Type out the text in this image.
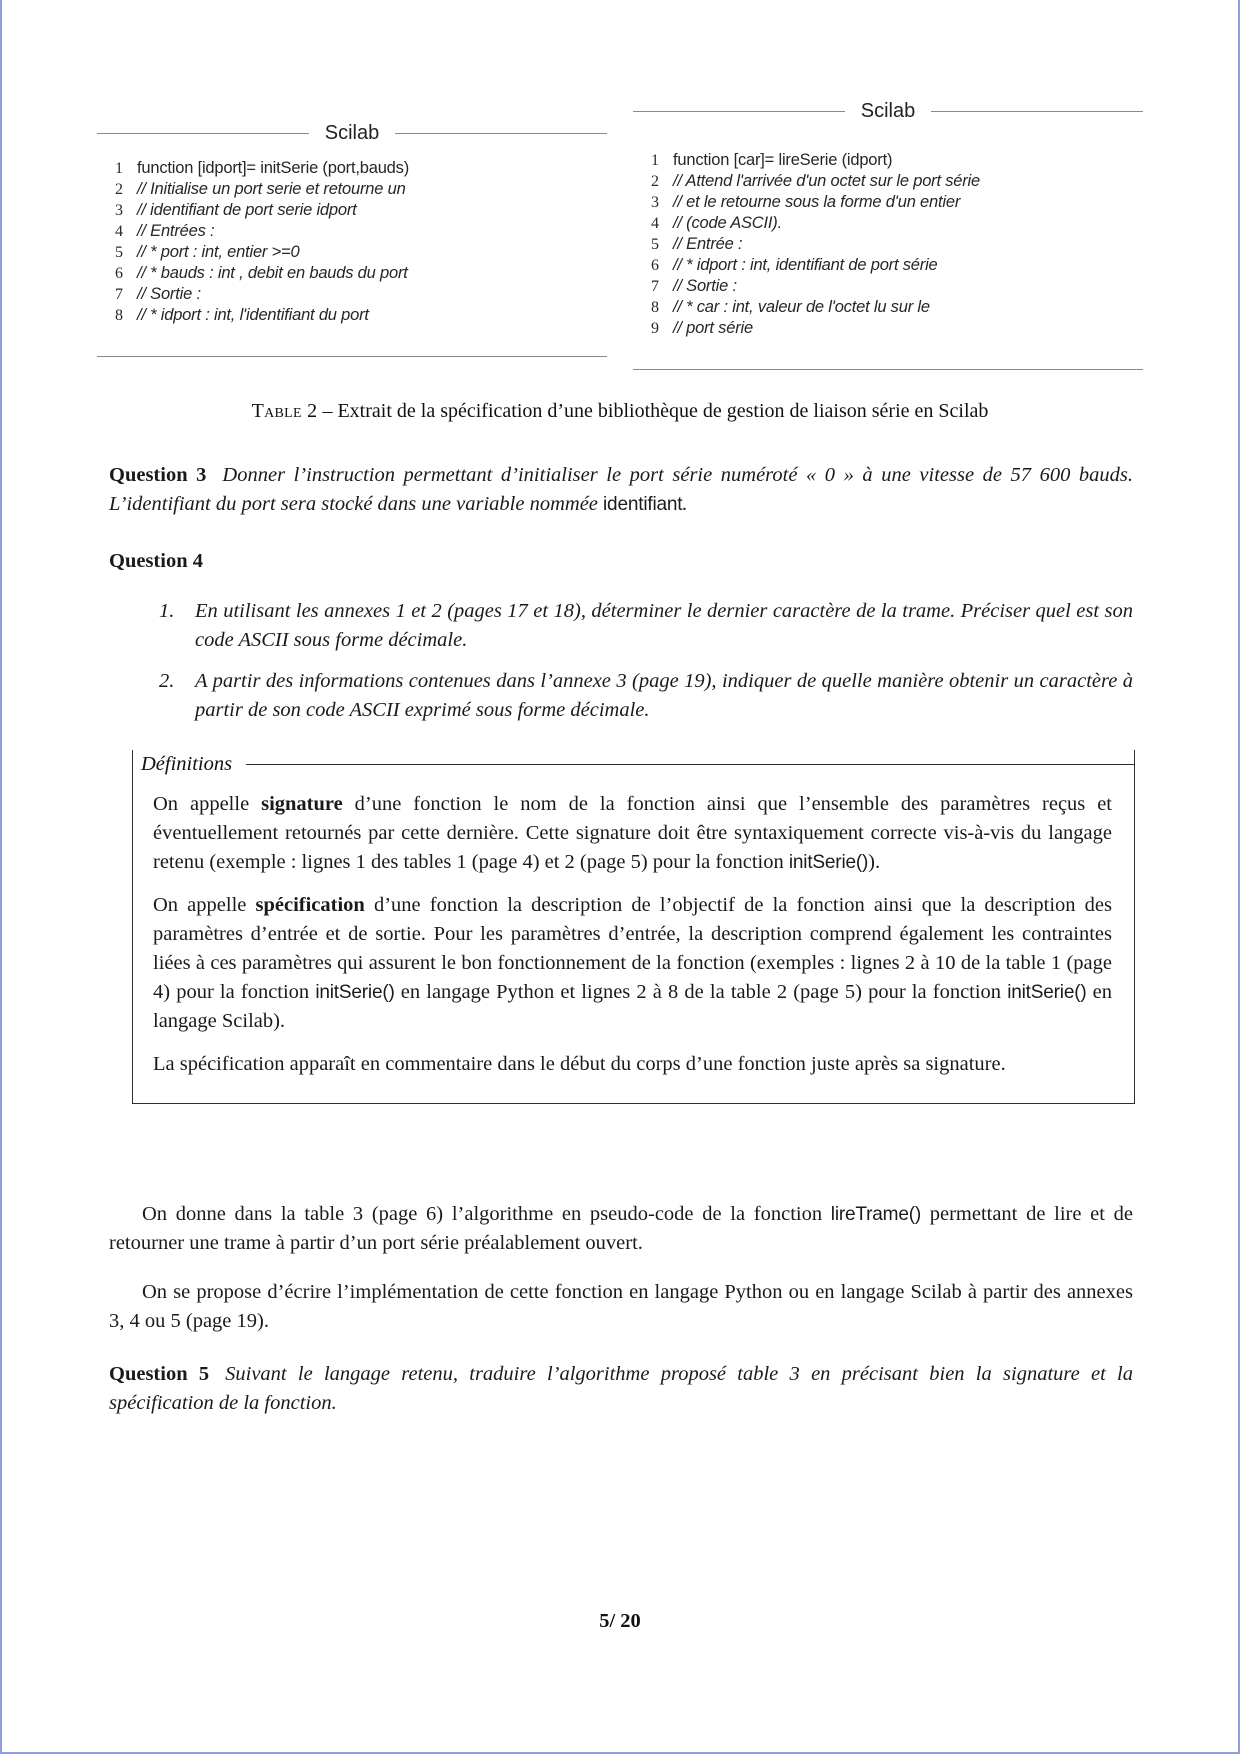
Scilab
1 function [idport]= initSerie (port,bauds)
2 // Initialise un port serie et retourne un
3 // identifiant de port serie idport
4 // Entrées :
5 // * port : int, entier >=0
6 // * bauds : int , debit en bauds du port
7 // Sortie :
8 // * idport : int, l'identifiant du port
Scilab
1 function [car]= lireSerie (idport)
2 // Attend l'arrivée d'un octet sur le port série
3 // et le retourne sous la forme d'un entier
4 // (code ASCII).
5 // Entrée :
6 // * idport : int, identifiant de port série
7 // Sortie :
8 // * car : int, valeur de l'octet lu sur le
9 // port série

Table 2 – Extrait de la spécification d’une bibliothèque de gestion de liaison série en Scilab

Question 3 Donner l’instruction permettant d’initialiser le port série numéroté « 0 » à une vitesse de 57 600 bauds. L’identifiant du port sera stocké dans une variable nommée identifiant.

Question 4

1.	En utilisant les annexes 1 et 2 (pages 17 et 18), déterminer le dernier caractère de la trame. Préciser quel est son code ASCII sous forme décimale.
2.	A partir des informations contenues dans l’annexe 3 (page 19), indiquer de quelle manière obtenir un caractère à partir de son code ASCII exprimé sous forme décimale.
Définitions

On appelle signature d’une fonction le nom de la fonction ainsi que l’ensemble des paramètres reçus et éventuellement retournés par cette dernière. Cette signature doit être syntaxiquement correcte vis-à-vis du langage retenu (exemple : lignes 1 des tables 1 (page 4) et 2 (page 5) pour la fonction initSerie()).

On appelle spécification d’une fonction la description de l’objectif de la fonction ainsi que la description des paramètres d’entrée et de sortie. Pour les paramètres d’entrée, la description comprend également les contraintes liées à ces paramètres qui assurent le bon fonctionnement de la fonction (exemples : lignes 2 à 10 de la table 1 (page 4) pour la fonction initSerie() en langage Python et lignes 2 à 8 de la table 2 (page 5) pour la fonction initSerie() en langage Scilab).

La spécification apparaît en commentaire dans le début du corps d’une fonction juste après sa signature.

On donne dans la table 3 (page 6) l’algorithme en pseudo-code de la fonction lireTrame() permettant de lire et de retourner une trame à partir d’un port série préalablement ouvert.

On se propose d’écrire l’implémentation de cette fonction en langage Python ou en langage Scilab à partir des annexes 3, 4 ou 5 (page 19).

Question 5 Suivant le langage retenu, traduire l’algorithme proposé table 3 en précisant bien la signature et la spécification de la fonction.

5/ 20
